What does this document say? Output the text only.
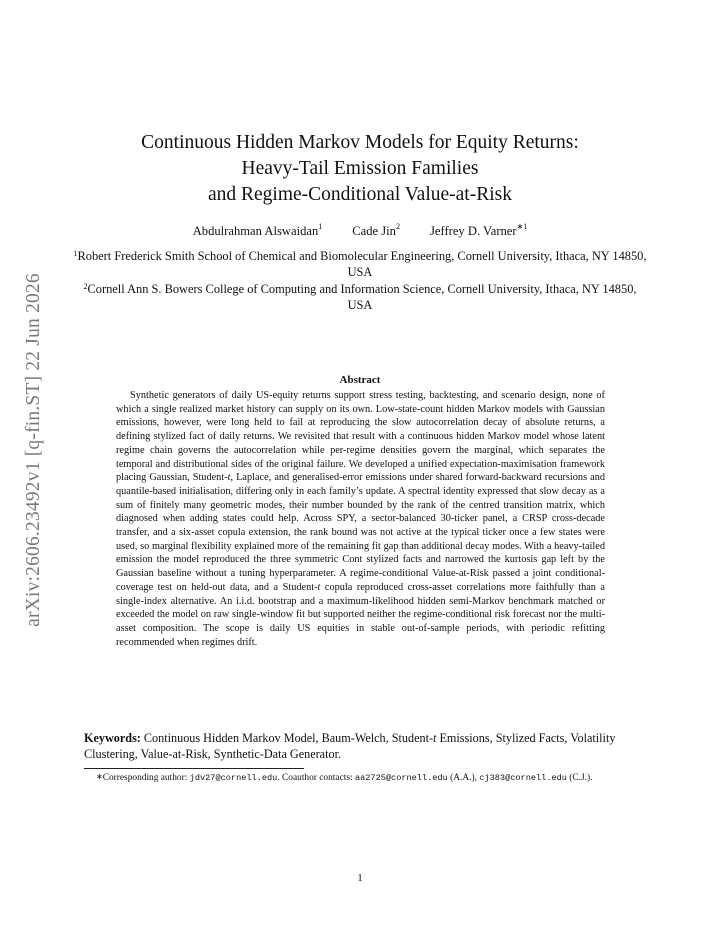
arXiv:2606.23492v1 [q-fin.ST] 22 Jun 2026
Continuous Hidden Markov Models for Equity Returns:
Heavy-Tail Emission Families
and Regime-Conditional Value-at-Risk
Abdulrahman Alswaidan$^1$ Cade Jin$^2$ Jeffrey D. Varner$^{∗1}$
$^1$Robert Frederick Smith School of Chemical and Biomolecular Engineering, Cornell University, Ithaca, NY 14850, USA
$^2$Cornell Ann S. Bowers College of Computing and Information Science, Cornell University, Ithaca, NY 14850, USA
Abstract

Synthetic generators of daily US-equity returns support stress testing, backtesting, and scenario design, none of which a single realized market history can supply on its own. Low-state-count hidden Markov models with Gaussian emissions, however, were long held to fail at reproducing the slow autocorrelation decay of absolute returns, a defining stylized fact of daily returns. We revisited that result with a continuous hidden Markov model whose latent regime chain governs the autocorrelation while per-regime densities govern the marginal, which separates the temporal and distributional sides of the original failure. We developed a unified expectation-maximisation framework placing Gaussian, Student-t, Laplace, and generalised-error emissions under shared forward-backward recursions and quantile-based initialisation, differing only in each family’s update. A spectral identity expressed that slow decay as a sum of finitely many geometric modes, their number bounded by the rank of the centred transition matrix, which diagnosed when adding states could help. Across SPY, a sector-balanced 30-ticker panel, a CRSP cross-decade transfer, and a six-asset copula extension, the rank bound was not active at the typical ticker once a few states were used, so marginal flexibility explained more of the remaining fit gap than additional decay modes. With a heavy-tailed emission the model reproduced the three symmetric Cont stylized facts and narrowed the kurtosis gap left by the Gaussian baseline without a tuning hyperparameter. A regime-conditional Value-at-Risk passed a joint conditional-coverage test on held-out data, and a Student-t copula reproduced cross-asset correlations more faithfully than a single-index alternative. An i.i.d. bootstrap and a maximum-likelihood hidden semi-Markov benchmark matched or exceeded the model on raw single-window fit but supported neither the regime-conditional risk forecast nor the multi-asset composition. The scope is daily US equities in stable out-of-sample periods, with periodic refitting recommended when regimes drift.

Keywords: Continuous Hidden Markov Model, Baum-Welch, Student-t Emissions, Stylized Facts, Volatility Clustering, Value-at-Risk, Synthetic-Data Generator.
∗Corresponding author: jdv27@cornell.edu. Coauthor contacts: aa2725@cornell.edu (A.A.), cj383@cornell.edu (C.J.).
1
